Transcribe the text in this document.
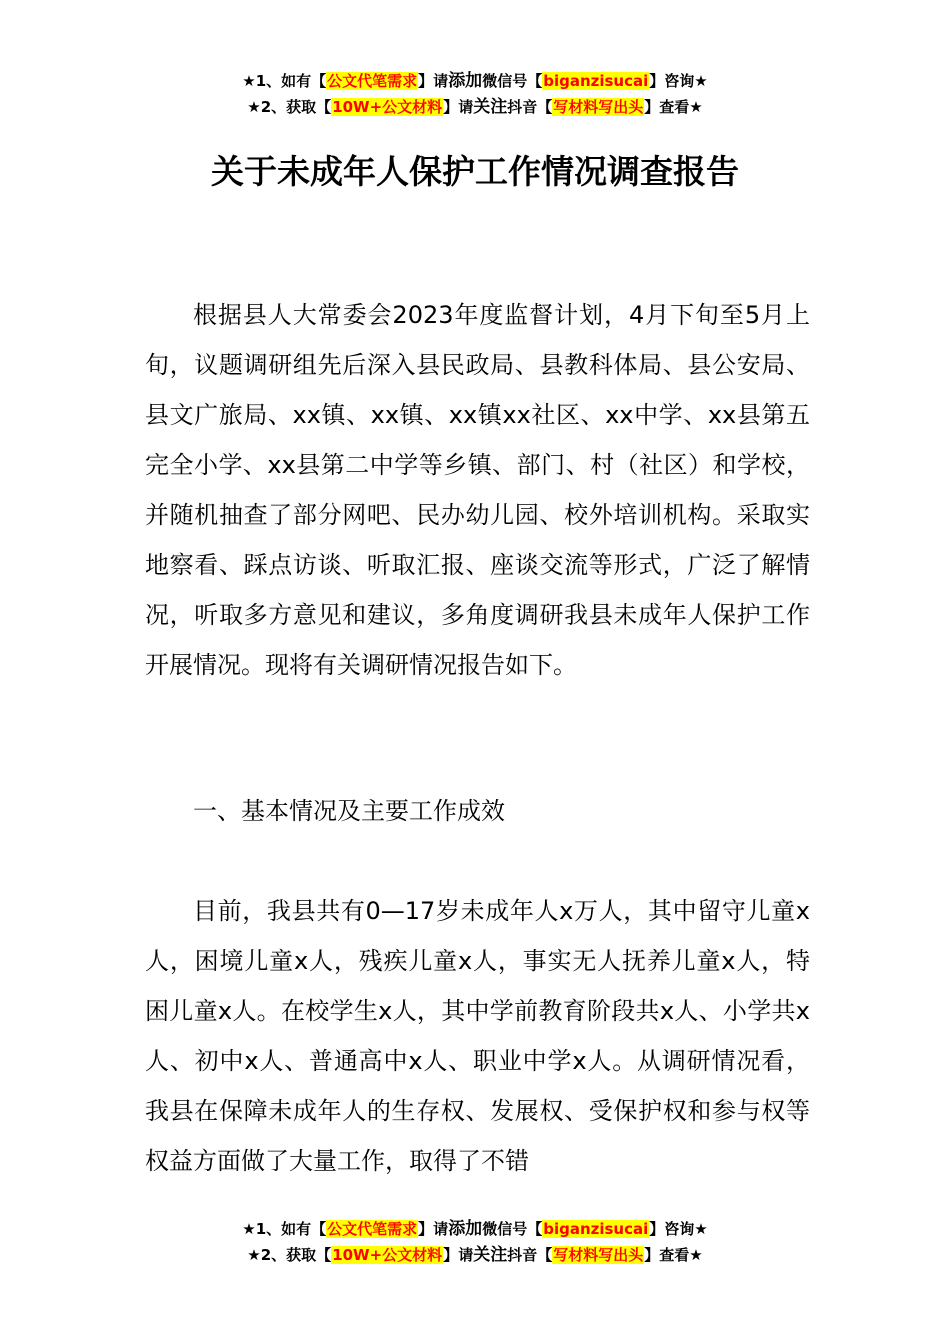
★1、如有【公文代笔需求】请添加微信号【biganzisucai】咨询★
★2、获取【10W+公文材料】请关注抖音【写材料写出头】查看★
关于未成年人保护工作情况调查报告

根据县人大常委会2023年度监督计划，4月下旬至5月上旬，议题调研组先后深入县民政局、县教科体局、县公安局、县文广旅局、xx镇、xx镇、xx镇xx社区、xx中学、xx县第五完全小学、xx县第二中学等乡镇、部门、村（社区）和学校，并随机抽查了部分网吧、民办幼儿园、校外培训机构。采取实地察看、踩点访谈、听取汇报、座谈交流等形式，广泛了解情况，听取多方意见和建议，多角度调研我县未成年人保护工作开展情况。现将有关调研情况报告如下。

一、基本情况及主要工作成效

目前，我县共有0—17岁未成年人x万人，其中留守儿童x人，困境儿童x人，残疾儿童x人，事实无人抚养儿童x人，特困儿童x人。在校学生x人，其中学前教育阶段共x人、小学共x人、初中x人、普通高中x人、职业中学x人。从调研情况看，我县在保障未成年人的生存权、发展权、受保护权和参与权等权益方面做了大量工作，取得了不错

★1、如有【公文代笔需求】请添加微信号【biganzisucai】咨询★
★2、获取【10W+公文材料】请关注抖音【写材料写出头】查看★
